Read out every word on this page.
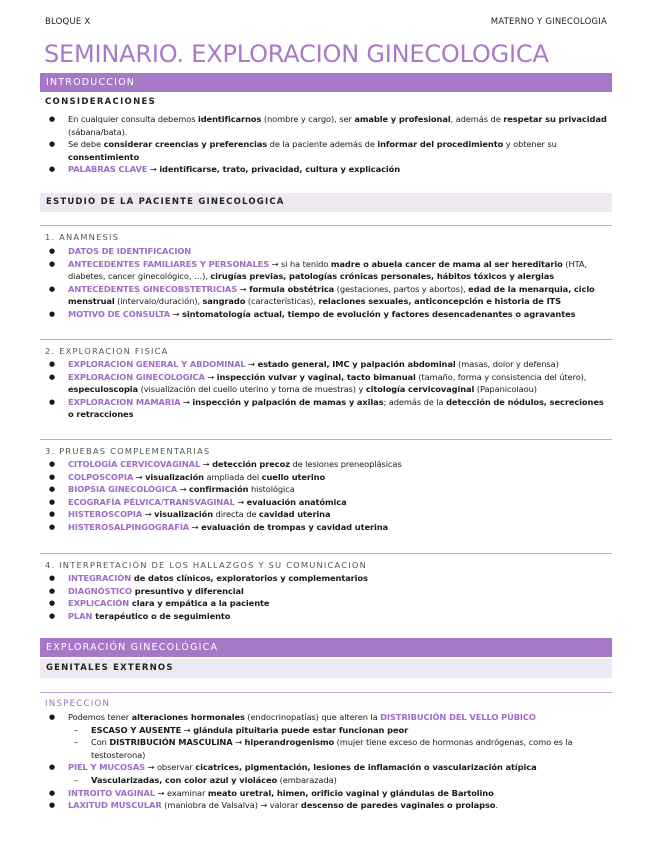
BLOQUE X	MATERNO Y GINECOLOGIA
SEMINARIO. EXPLORACION GINECOLOGICA
INTRODUCCION
CONSIDERACIONES
● En cualquier consulta debemos identificarnos (nombre y cargo), ser amable y profesional, además de respetar su privacidad (sábana/bata).
● Se debe considerar creencias y preferencias de la paciente además de informar del procedimiento y obtener su consentimiento
● PALABRAS CLAVE → identificarse, trato, privacidad, cultura y explicación
ESTUDIO DE LA PACIENTE GINECOLOGICA
1. ANAMNESIS
● DATOS DE IDENTIFICACION
● ANTECEDENTES FAMILIARES Y PERSONALES → si ha tenido madre o abuela cancer de mama al ser hereditario (HTA, diabetes, cancer ginecológico, …), cirugías previas, patologías crónicas personales, hábitos tóxicos y alergias
● ANTECEDENTES GINECOBSTETRICIAS → formula obstétrica (gestaciones, partos y abortos), edad de la menarquia, ciclo menstrual (intervalo/duración), sangrado (características), relaciones sexuales, anticoncepción e historia de ITS
● MOTIVO DE CONSULTA → sintomatología actual, tiempo de evolución y factores desencadenantes o agravantes
2. EXPLORACION FISICA
● EXPLORACION GENERAL Y ABDOMINAL → estado general, IMC y palpación abdominal (masas, dolor y defensa)
● EXPLORACION GINECOLOGICA → inspección vulvar y vaginal, tacto bimanual (tamaño, forma y consistencia del útero), especuloscopia (visualización del cuello uterino y toma de muestras) y citología cervicovaginal (Papanicolaou)
● EXPLORACION MAMARIA → inspección y palpación de mamas y axilas; además de la detección de nódulos, secreciones o retracciones
3. PRUEBAS COMPLEMENTARIAS
● CITOLOGÍA CERVICOVAGINAL → detección precoz de lesiones preneoplásicas
● COLPOSCOPIA → visualización ampliada del cuello uterino
● BIOPSIA GINECOLÓGICA → confirmación histológica
● ECOGRAFÍA PÉLVICA/TRANSVAGINAL → evaluación anatómica
● HISTEROSCOPIA → visualización directa de cavidad uterina
● HISTEROSALPINGOGRAFÍA → evaluación de trompas y cavidad uterina
4. INTERPRETACIÓN DE LOS HALLAZGOS Y SU COMUNICACION
● INTEGRACIÓN de datos clínicos, exploratorios y complementarios
● DIAGNÓSTICO presuntivo y diferencial
● EXPLICACIÓN clara y empática a la paciente
● PLAN terapéutico o de seguimiento
EXPLORACIÓN GINECOLÓGICA
GENITALES EXTERNOS
INSPECCION
● Podemos tener alteraciones hormonales (endocrinopatías) que alteren la DISTRIBUCIÓN DEL VELLO PÚBICO
– ESCASO Y AUSENTE → glándula pituitaria puede estar funcionan peor
– Con DISTRIBUCIÓN MASCULINA → hiperandrogenismo (mujer tiene exceso de hormonas andrógenas, como es la testosterona)
● PIEL Y MUCOSAS → observar cicatrices, pigmentación, lesiones de inflamación o vascularización atípica
– Vascularizadas, con color azul y violáceo (embarazada)
● INTROITO VAGINAL → examinar meato uretral, himen, orificio vaginal y glándulas de Bartolino
● LAXITUD MUSCULAR (maniobra de Valsalva) → valorar descenso de paredes vaginales o prolapso.
